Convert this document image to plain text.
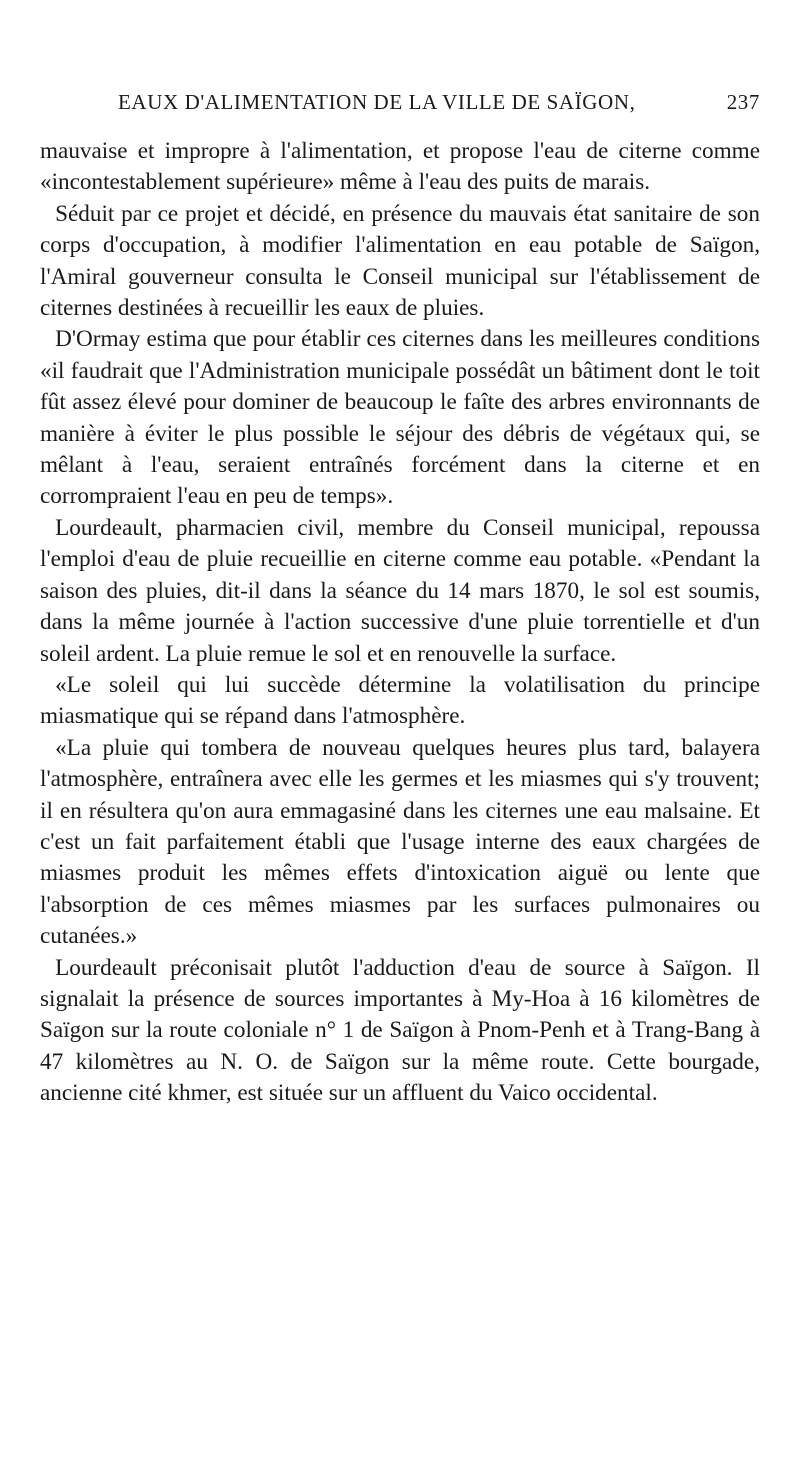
EAUX D'ALIMENTATION DE LA VILLE DE SAÏGON,	237

mauvaise et impropre à l'alimentation, et propose l'eau de citerne comme «incontestablement supérieure» même à l'eau des puits de marais.

Séduit par ce projet et décidé, en présence du mauvais état sanitaire de son corps d'occupation, à modifier l'alimentation en eau potable de Saïgon, l'Amiral gouverneur consulta le Conseil municipal sur l'établissement de citernes destinées à recueillir les eaux de pluies.

D'Ormay estima que pour établir ces citernes dans les meilleures conditions «il faudrait que l'Administration municipale possédât un bâtiment dont le toit fût assez élevé pour dominer de beaucoup le faîte des arbres environnants de manière à éviter le plus possible le séjour des débris de végétaux qui, se mêlant à l'eau, seraient entraînés forcément dans la citerne et en corrompraient l'eau en peu de temps».

Lourdeault, pharmacien civil, membre du Conseil municipal, repoussa l'emploi d'eau de pluie recueillie en citerne comme eau potable. «Pendant la saison des pluies, dit-il dans la séance du 14 mars 1870, le sol est soumis, dans la même journée à l'action successive d'une pluie torrentielle et d'un soleil ardent. La pluie remue le sol et en renouvelle la surface.

«Le soleil qui lui succède détermine la volatilisation du principe miasmatique qui se répand dans l'atmosphère.

«La pluie qui tombera de nouveau quelques heures plus tard, balayera l'atmosphère, entraînera avec elle les germes et les miasmes qui s'y trouvent; il en résultera qu'on aura emmagasiné dans les citernes une eau malsaine. Et c'est un fait parfaitement établi que l'usage interne des eaux chargées de miasmes produit les mêmes effets d'intoxication aiguë ou lente que l'absorption de ces mêmes miasmes par les surfaces pulmonaires ou cutanées.»

Lourdeault préconisait plutôt l'adduction d'eau de source à Saïgon. Il signalait la présence de sources importantes à My-Hoa à 16 kilomètres de Saïgon sur la route coloniale n° 1 de Saïgon à Pnom-Penh et à Trang-Bang à 47 kilomètres au N. O. de Saïgon sur la même route. Cette bourgade, ancienne cité khmer, est située sur un affluent du Vaico occidental.
